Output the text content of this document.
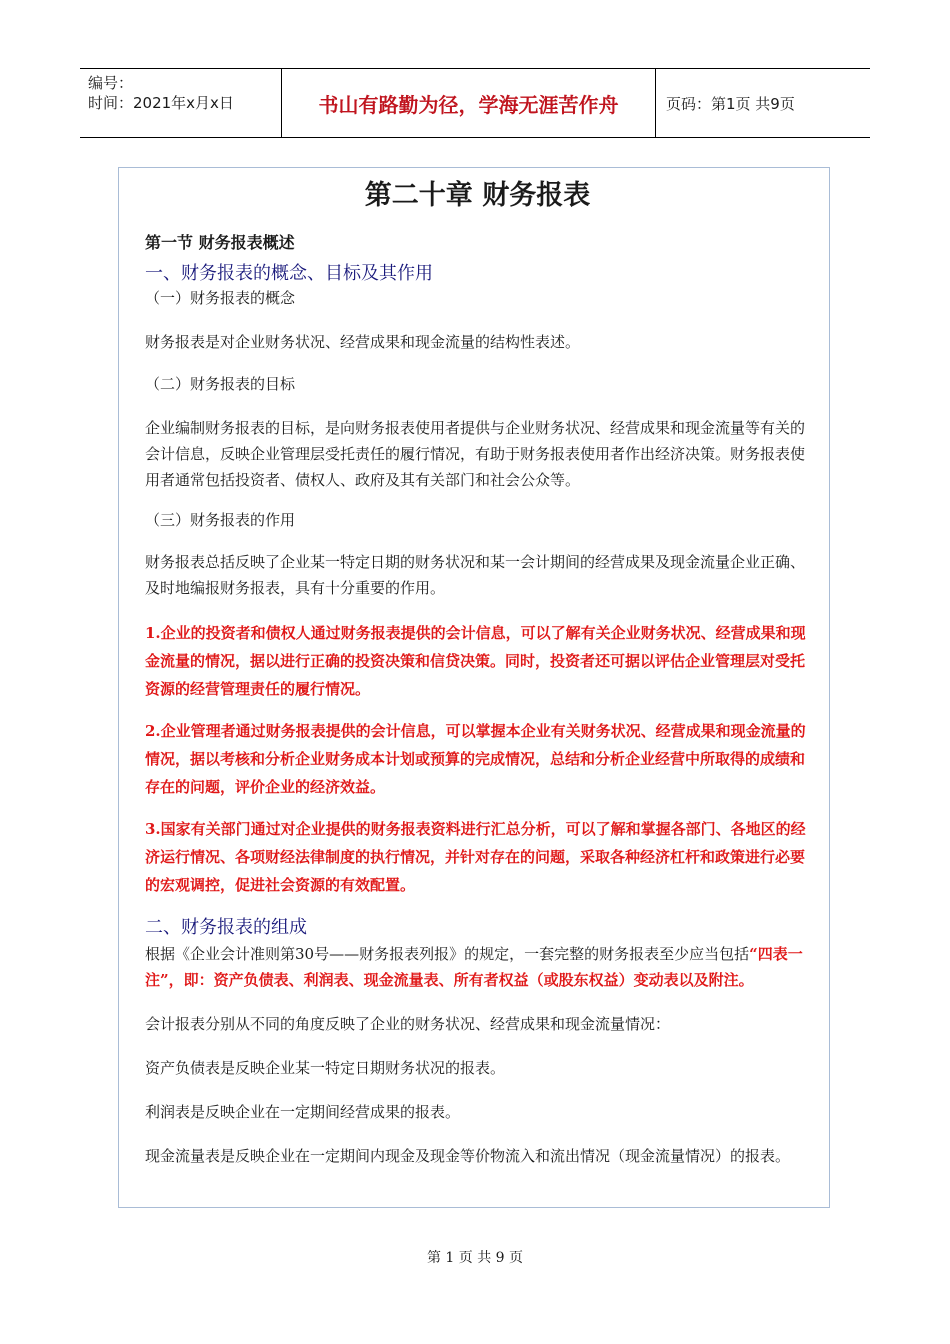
编号：
时间：2021年x月x日	书山有路勤为径，学海无涯苦作舟	页码：第1页 共9页
第二十章 财务报表
第一节 财务报表概述
一、财务报表的概念、目标及其作用
（一）财务报表的概念

财务报表是对企业财务状况、经营成果和现金流量的结构性表述。

（二）财务报表的目标

企业编制财务报表的目标，是向财务报表使用者提供与企业财务状况、经营成果和现金流量等有关的会计信息，反映企业管理层受托责任的履行情况，有助于财务报表使用者作出经济决策。财务报表使用者通常包括投资者、债权人、政府及其有关部门和社会公众等。

（三）财务报表的作用

财务报表总括反映了企业某一特定日期的财务状况和某一会计期间的经营成果及现金流量企业正确、及时地编报财务报表，具有十分重要的作用。

1.企业的投资者和债权人通过财务报表提供的会计信息，可以了解有关企业财务状况、经营成果和现金流量的情况，据以进行正确的投资决策和信贷决策。同时，投资者还可据以评估企业管理层对受托资源的经营管理责任的履行情况。

2.企业管理者通过财务报表提供的会计信息，可以掌握本企业有关财务状况、经营成果和现金流量的情况，据以考核和分析企业财务成本计划或预算的完成情况，总结和分析企业经营中所取得的成绩和存在的问题，评价企业的经济效益。

3.国家有关部门通过对企业提供的财务报表资料进行汇总分析，可以了解和掌握各部门、各地区的经济运行情况、各项财经法律制度的执行情况，并针对存在的问题，采取各种经济杠杆和政策进行必要的宏观调控，促进社会资源的有效配置。

二、财务报表的组成

根据《企业会计准则第30号——财务报表列报》的规定，一套完整的财务报表至少应当包括“四表一注”，即：资产负债表、利润表、现金流量表、所有者权益（或股东权益）变动表以及附注。

会计报表分别从不同的角度反映了企业的财务状况、经营成果和现金流量情况：

资产负债表是反映企业某一特定日期财务状况的报表。

利润表是反映企业在一定期间经营成果的报表。

现金流量表是反映企业在一定期间内现金及现金等价物流入和流出情况（现金流量情况）的报表。

第 1 页 共 9 页
